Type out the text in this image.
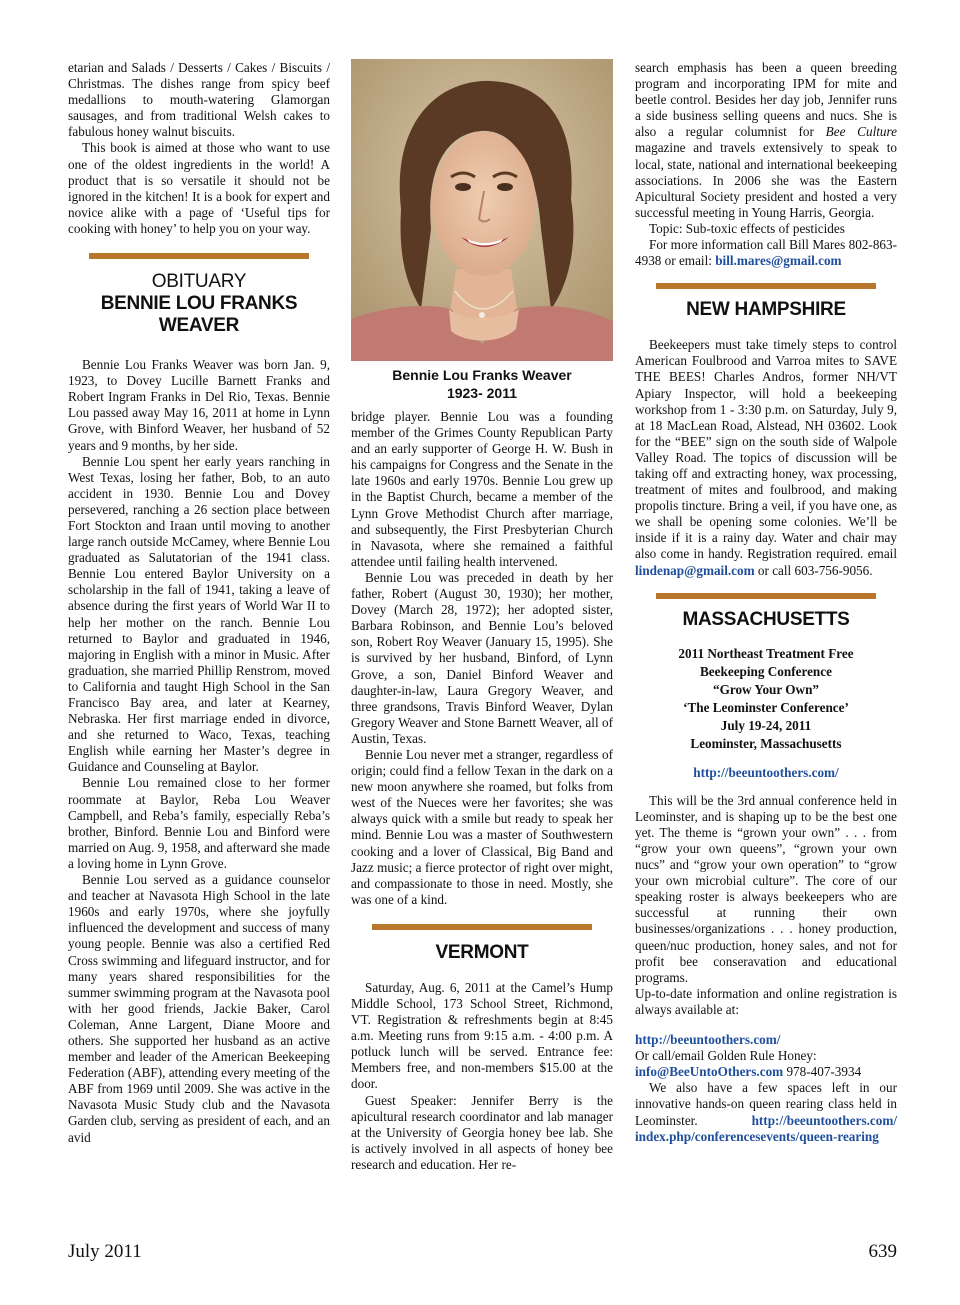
etarian and Salads / Desserts / Cakes / Biscuits / Christmas. The dishes range from spicy beef medallions to mouth-watering Glamorgan sausages, and from traditional Welsh cakes to fabulous honey walnut biscuits.

This book is aimed at those who want to use one of the oldest ingredients in the world! A product that is so versatile it should not be ignored in the kitchen! It is a book for expert and novice alike with a page of ‘Useful tips for cooking with honey’ to help you on your way.

OBITUARY
BENNIE LOU FRANKS WEAVER

Bennie Lou Franks Weaver was born Jan. 9, 1923, to Dovey Lucille Barnett Franks and Robert Ingram Franks in Del Rio, Texas. Bennie Lou passed away May 16, 2011 at home in Lynn Grove, with Binford Weaver, her husband of 52 years and 9 months, by her side.

Bennie Lou spent her early years ranching in West Texas, losing her father, Bob, to an auto accident in 1930. Bennie Lou and Dovey persevered, ranching a 26 section place between Fort Stockton and Iraan until moving to another large ranch outside McCamey, where Bennie Lou graduated as Salutatorian of the 1941 class. Bennie Lou entered Baylor University on a scholarship in the fall of 1941, taking a leave of absence during the first years of World War II to help her mother on the ranch. Bennie Lou returned to Baylor and graduated in 1946, majoring in English with a minor in Music. After graduation, she married Phillip Renstrom, moved to California and taught High School in the San Francisco Bay area, and later at Kearney, Nebraska. Her first marriage ended in divorce, and she returned to Waco, Texas, teaching English while earning her Master’s degree in Guidance and Counseling at Baylor.

Bennie Lou remained close to her former roommate at Baylor, Reba Lou Weaver Campbell, and Reba’s family, especially Reba’s brother, Binford. Bennie Lou and Binford were married on Aug. 9, 1958, and afterward she made a loving home in Lynn Grove.

Bennie Lou served as a guidance counselor and teacher at Navasota High School in the late 1960s and early 1970s, where she joyfully influenced the development and success of many young people. Bennie was also a certified Red Cross swimming and lifeguard instructor, and for many years shared responsibilities for the summer swimming program at the Navasota pool with her good friends, Jackie Baker, Carol Coleman, Anne Largent, Diane Moore and others. She supported her husband as an active member and leader of the American Beekeeping Federation (ABF), attending every meeting of the ABF from 1969 until 2009. She was active in the Navasota Music Study club and the Navasota Garden club, serving as president of each, and an avid

Bennie Lou Franks Weaver
1923- 2011

bridge player. Bennie Lou was a founding member of the Grimes County Republican Party and an early supporter of George H. W. Bush in his campaigns for Congress and the Senate in the late 1960s and early 1970s. Bennie Lou grew up in the Baptist Church, became a member of the Lynn Grove Methodist Church after marriage, and subsequently, the First Presbyterian Church in Navasota, where she remained a faithful attendee until failing health intervened.

Bennie Lou was preceded in death by her father, Robert (August 30, 1930); her mother, Dovey (March 28, 1972); her adopted sister, Barbara Robinson, and Bennie Lou’s beloved son, Robert Roy Weaver (January 15, 1995). She is survived by her husband, Binford, of Lynn Grove, a son, Daniel Binford Weaver and daughter-in-law, Laura Gregory Weaver, and three grandsons, Travis Binford Weaver, Dylan Gregory Weaver and Stone Barnett Weaver, all of Austin, Texas.

Bennie Lou never met a stranger, regardless of origin; could find a fellow Texan in the dark on a new moon anywhere she roamed, but folks from west of the Nueces were her favorites; she was always quick with a smile but ready to speak her mind. Bennie Lou was a master of Southwestern cooking and a lover of Classical, Big Band and Jazz music; a fierce protector of right over might, and compassionate to those in need. Mostly, she was one of a kind.

VERMONT

Saturday, Aug. 6, 2011 at the Camel’s Hump Middle School, 173 School Street, Richmond, VT. Registration & refreshments begin at 8:45 a.m. Meeting runs from 9:15 a.m. - 4:00 p.m. A potluck lunch will be served. Entrance fee: Members free, and non-members $15.00 at the door.

Guest Speaker: Jennifer Berry is the apicultural research coordinator and lab manager at the University of Georgia honey bee lab. She is actively involved in all aspects of honey bee research and education. Her re-

search emphasis has been a queen breeding program and incorporating IPM for mite and beetle control. Besides her day job, Jennifer runs a side business selling queens and nucs. She is also a regular columnist for Bee Culture magazine and travels extensively to speak to local, state, national and international beekeeping associations. In 2006 she was the Eastern Apicultural Society president and hosted a very successful meeting in Young Harris, Georgia.

Topic: Sub-toxic effects of pesticides

For more information call Bill Mares 802-863-4938 or email: bill.mares@gmail.com

NEW HAMPSHIRE

Beekeepers must take timely steps to control American Foulbrood and Varroa mites to SAVE THE BEES! Charles Andros, former NH/VT Apiary Inspector, will hold a beekeeping workshop from 1 - 3:30 p.m. on Saturday, July 9, at 18 MacLean Road, Alstead, NH 03602. Look for the “BEE” sign on the south side of Walpole Valley Road. The topics of discussion will be taking off and extracting honey, wax processing, treatment of mites and foulbrood, and making propolis tincture. Bring a veil, if you have one, as we shall be opening some colonies. We’ll be inside if it is a rainy day. Water and chair may also come in handy. Registration required. email lindenap@gmail.com or call 603-756-9056.

MASSACHUSETTS
2011 Northeast Treatment Free
Beekeeping Conference
“Grow Your Own”
‘The Leominster Conference’
July 19-24, 2011
Leominster, Massachusetts
http://beeuntoothers.com/

This will be the 3rd annual conference held in Leominster, and is shaping up to be the best one yet. The theme is “grown your own” . . . from “grow your own queens”, “grown your own nucs” and “grow your own operation” to “grow your own microbial culture”. The core of our speaking roster is always beekeepers who are successful at running their own businesses/organizations . . . honey production, queen/nuc production, honey sales, and not for profit bee conseravation and educational programs.

Up-to-date information and online registration is always available at:

http://beeuntoothers.com/

Or call/email Golden Rule Honey:

info@BeeUntoOthers.com 978-407-3934

We also have a few spaces left in our innovative hands-on queen rearing class held in Leominster. http://beeuntoothers.com/ index.php/conferencesevents/queen-rearing

July 2011	639
